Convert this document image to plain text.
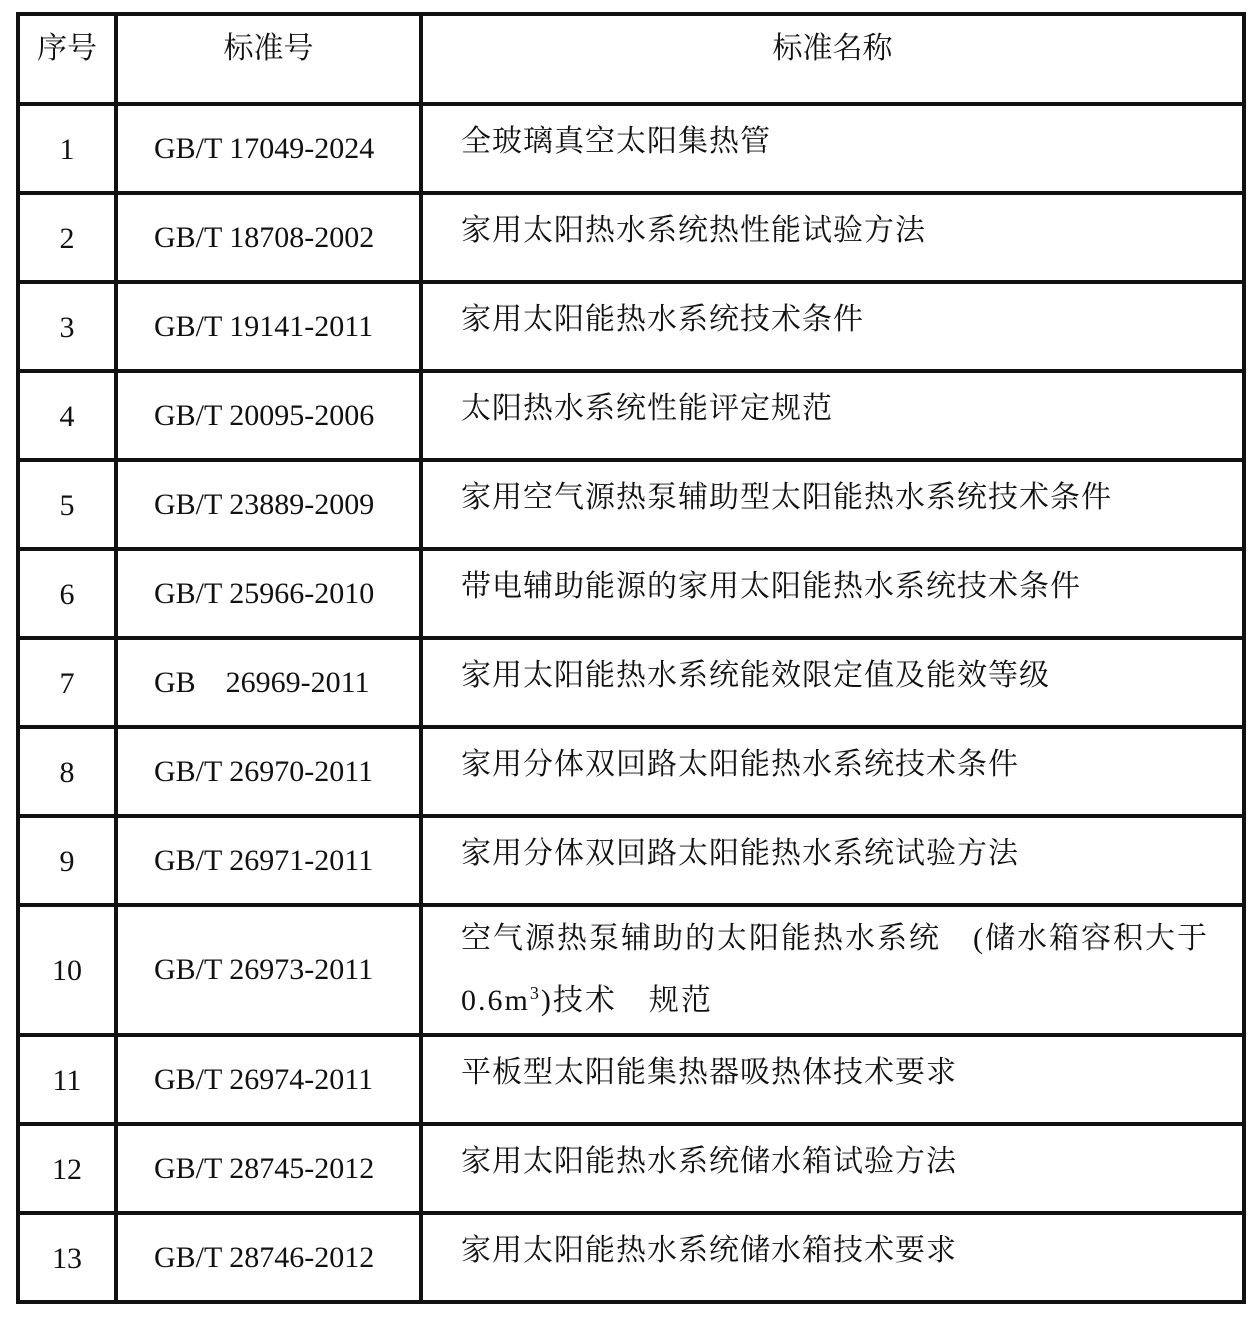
序号	标准号	标准名称
1	GB/T 17049-2024	全玻璃真空太阳集热管
2	GB/T 18708-2002	家用太阳热水系统热性能试验方法
3	GB/T 19141-2011	家用太阳能热水系统技术条件
4	GB/T 20095-2006	太阳热水系统性能评定规范
5	GB/T 23889-2009	家用空气源热泵辅助型太阳能热水系统技术条件
6	GB/T 25966-2010	带电辅助能源的家用太阳能热水系统技术条件
7	GB    26969-2011	家用太阳能热水系统能效限定值及能效等级
8	GB/T 26970-2011	家用分体双回路太阳能热水系统技术条件
9	GB/T 26971-2011	家用分体双回路太阳能热水系统试验方法
10	GB/T 26973-2011	空气源热泵辅助的太阳能热水系统　(储水箱容积大于
$0.6m^3$)技术　规范
11	GB/T 26974-2011	平板型太阳能集热器吸热体技术要求
12	GB/T 28745-2012	家用太阳能热水系统储水箱试验方法
13	GB/T 28746-2012	家用太阳能热水系统储水箱技术要求
